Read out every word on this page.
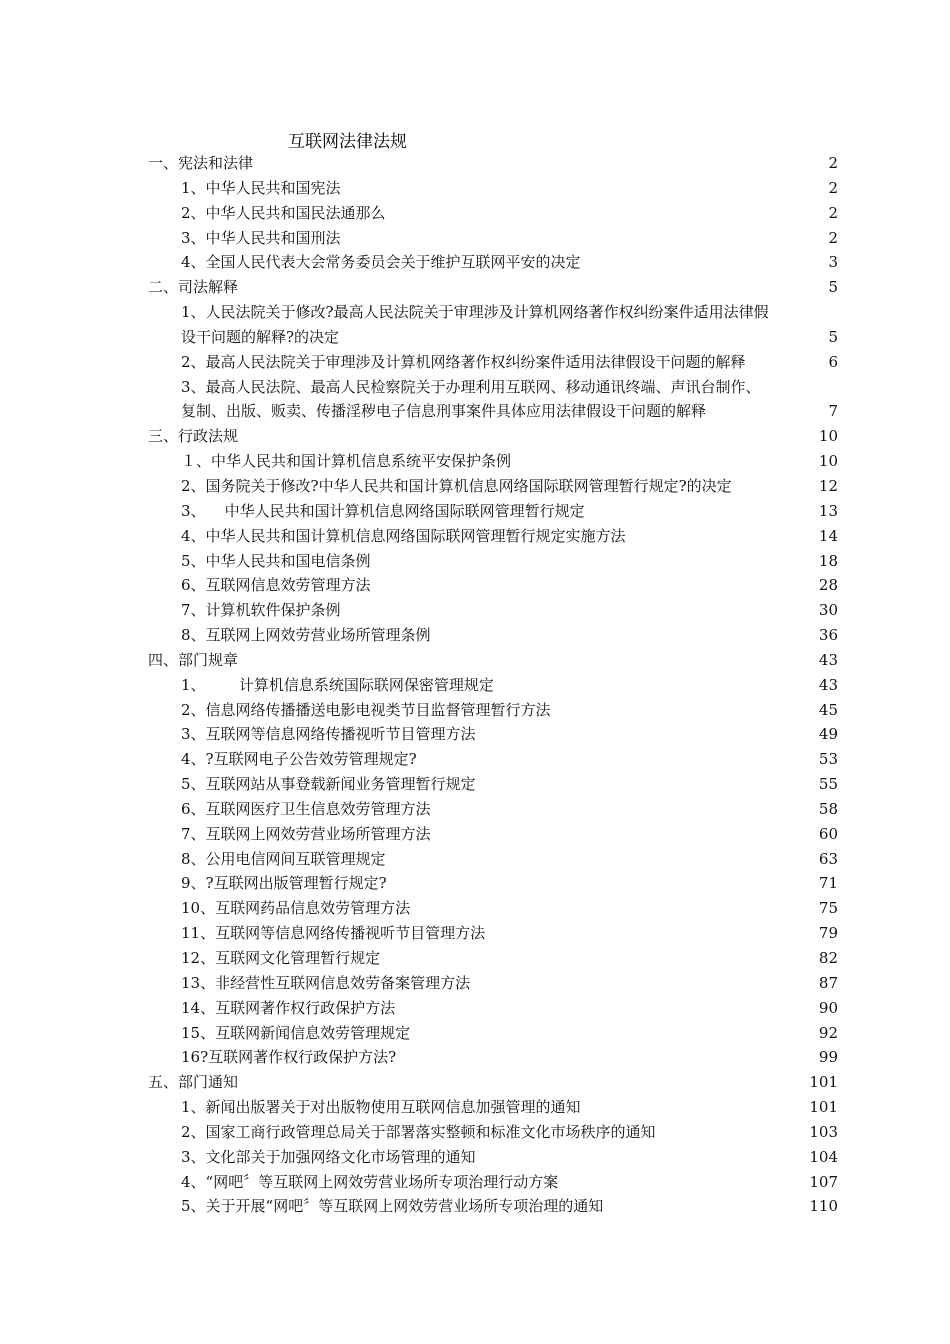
互联网法律法规
一、宪法和法律	2
1、中华人民共和国宪法	2
2、中华人民共和国民法通那么	2
3、中华人民共和国刑法	2
4、全国人民代表大会常务委员会关于维护互联网平安的决定	3
二、司法解释	5
1、人民法院关于修改?最高人民法院关于审理涉及计算机网络著作权纠纷案件适用法律假
设干问题的解释?的决定	5
2、最高人民法院关于审理涉及计算机网络著作权纠纷案件适用法律假设干问题的解释	6
3、最高人民法院、最高人民检察院关于办理利用互联网、移动通讯终端、声讯台制作、
复制、出版、贩卖、传播淫秽电子信息刑事案件具体应用法律假设干问题的解释	7
三、行政法规	10
１、中华人民共和国计算机信息系统平安保护条例	10
2、国务院关于修改?中华人民共和国计算机信息网络国际联网管理暂行规定?的决定	12
3、    中华人民共和国计算机信息网络国际联网管理暂行规定	13
4、中华人民共和国计算机信息网络国际联网管理暂行规定实施方法	14
5、中华人民共和国电信条例	18
6、互联网信息效劳管理方法	28
7、计算机软件保护条例	30
8、互联网上网效劳营业场所管理条例	36
四、部门规章	43
1、       计算机信息系统国际联网保密管理规定	43
2、信息网络传播播送电影电视类节目监督管理暂行方法	45
3、互联网等信息网络传播视听节目管理方法	49
4、?互联网电子公告效劳管理规定?	53
5、互联网站从事登载新闻业务管理暂行规定	55
6、互联网医疗卫生信息效劳管理方法	58
7、互联网上网效劳营业场所管理方法	60
8、公用电信网间互联管理规定	63
9、?互联网出版管理暂行规定?	71
10、互联网药品信息效劳管理方法	75
11、互联网等信息网络传播视听节目管理方法	79
12、互联网文化管理暂行规定	82
13、非经营性互联网信息效劳备案管理方法	87
14、互联网著作权行政保护方法	90
15、互联网新闻信息效劳管理规定	92
16?互联网著作权行政保护方法?	99
五、部门通知	101
1、新闻出版署关于对出版物使用互联网信息加强管理的通知	101
2、国家工商行政管理总局关于部署落实整顿和标准文化市场秩序的通知	103
3、文化部关于加强网络文化市场管理的通知	104
4、“网吧〞等互联网上网效劳营业场所专项治理行动方案	107
5、关于开展“网吧〞等互联网上网效劳营业场所专项治理的通知	110
